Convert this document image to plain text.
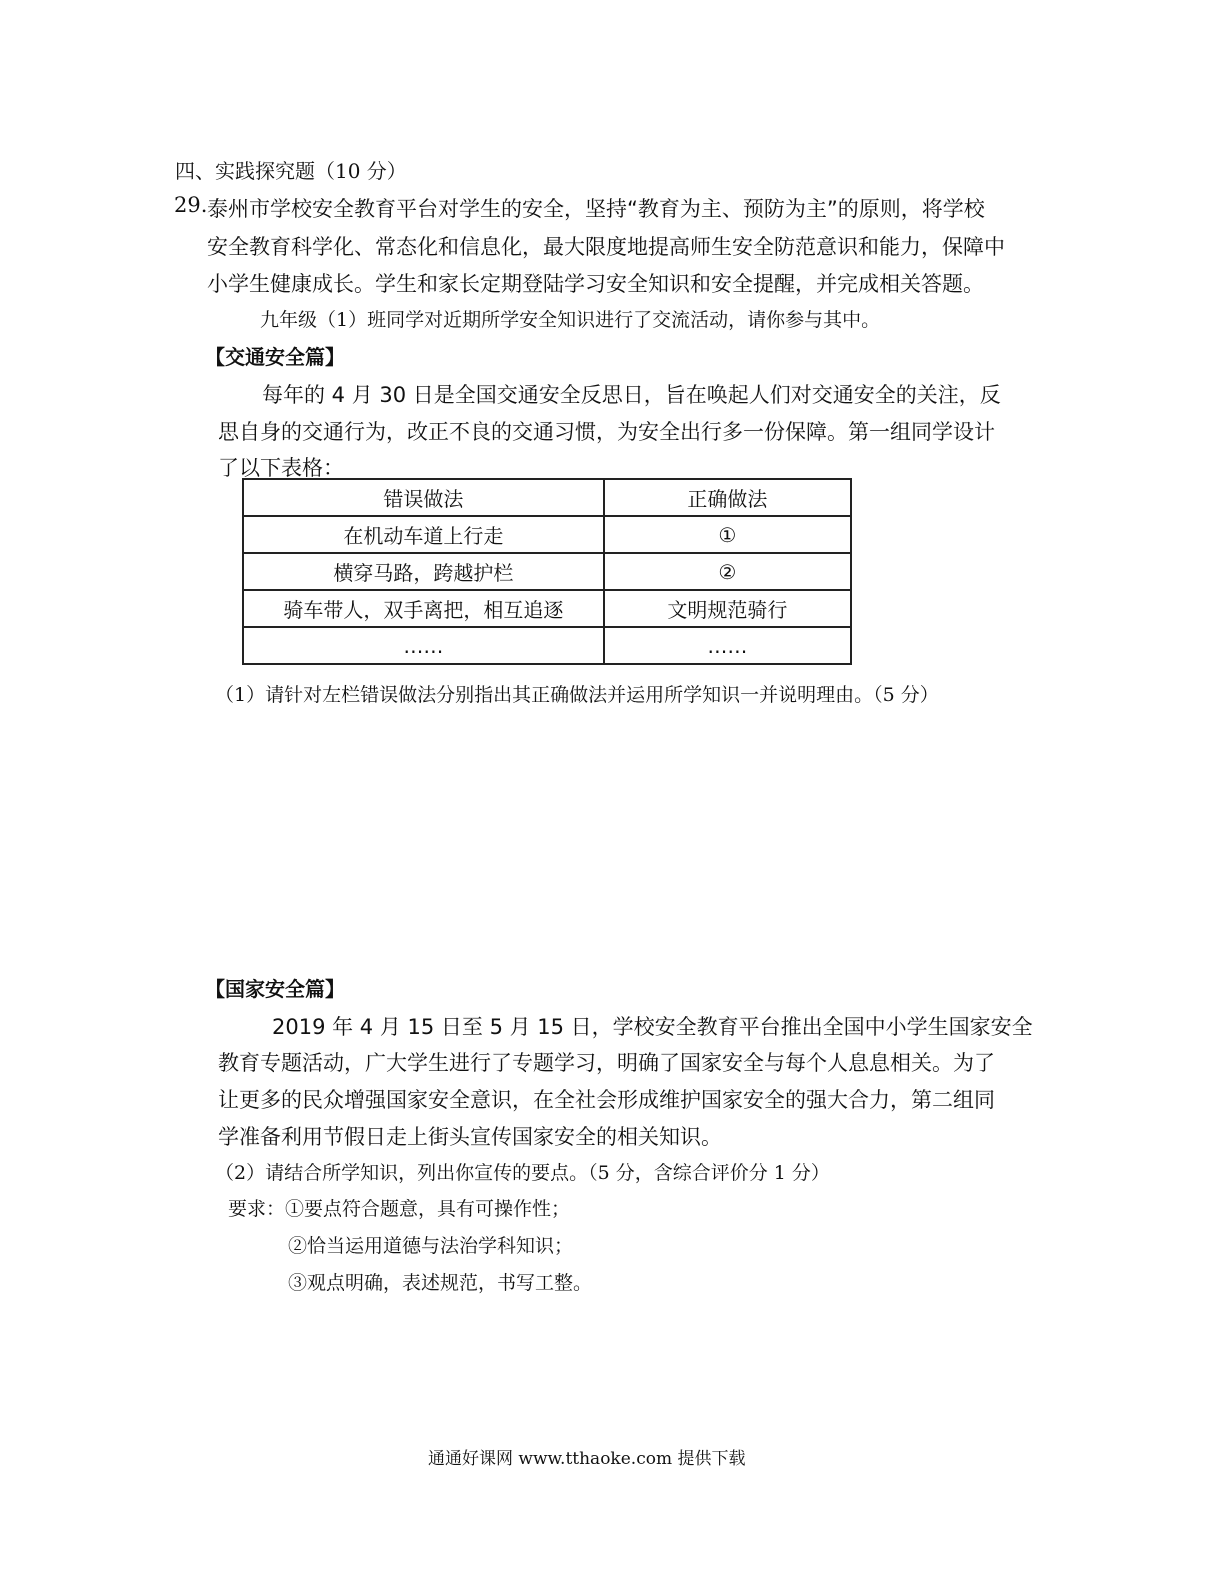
四、实践探究题（10 分）
29. 泰州市学校安全教育平台对学生的安全，坚持“教育为主、预防为主”的原则，将学校
安全教育科学化、常态化和信息化，最大限度地提高师生安全防范意识和能力，保障中
小学生健康成长。学生和家长定期登陆学习安全知识和安全提醒，并完成相关答题。
九年级（1）班同学对近期所学安全知识进行了交流活动，请你参与其中。
【交通安全篇】
每年的 4 月 30 日是全国交通安全反思日，旨在唤起人们对交通安全的关注，反
思自身的交通行为，改正不良的交通习惯，为安全出行多一份保障。第一组同学设计
了以下表格：
错误做法	正确做法
在机动车道上行走	①
横穿马路，跨越护栏	②
骑车带人，双手离把，相互追逐	文明规范骑行
……	……
（1）请针对左栏错误做法分别指出其正确做法并运用所学知识一并说明理由。（5 分）
【国家安全篇】
2019 年 4 月 15 日至 5 月 15 日，学校安全教育平台推出全国中小学生国家安全
教育专题活动，广大学生进行了专题学习，明确了国家安全与每个人息息相关。为了
让更多的民众增强国家安全意识，在全社会形成维护国家安全的强大合力，第二组同
学准备利用节假日走上街头宣传国家安全的相关知识。
（2）请结合所学知识，列出你宣传的要点。（5 分，含综合评价分 1 分）
要求：①要点符合题意，具有可操作性；
②恰当运用道德与法治学科知识；
③观点明确，表述规范，书写工整。
通通好课网 www.tthaoke.com 提供下载
